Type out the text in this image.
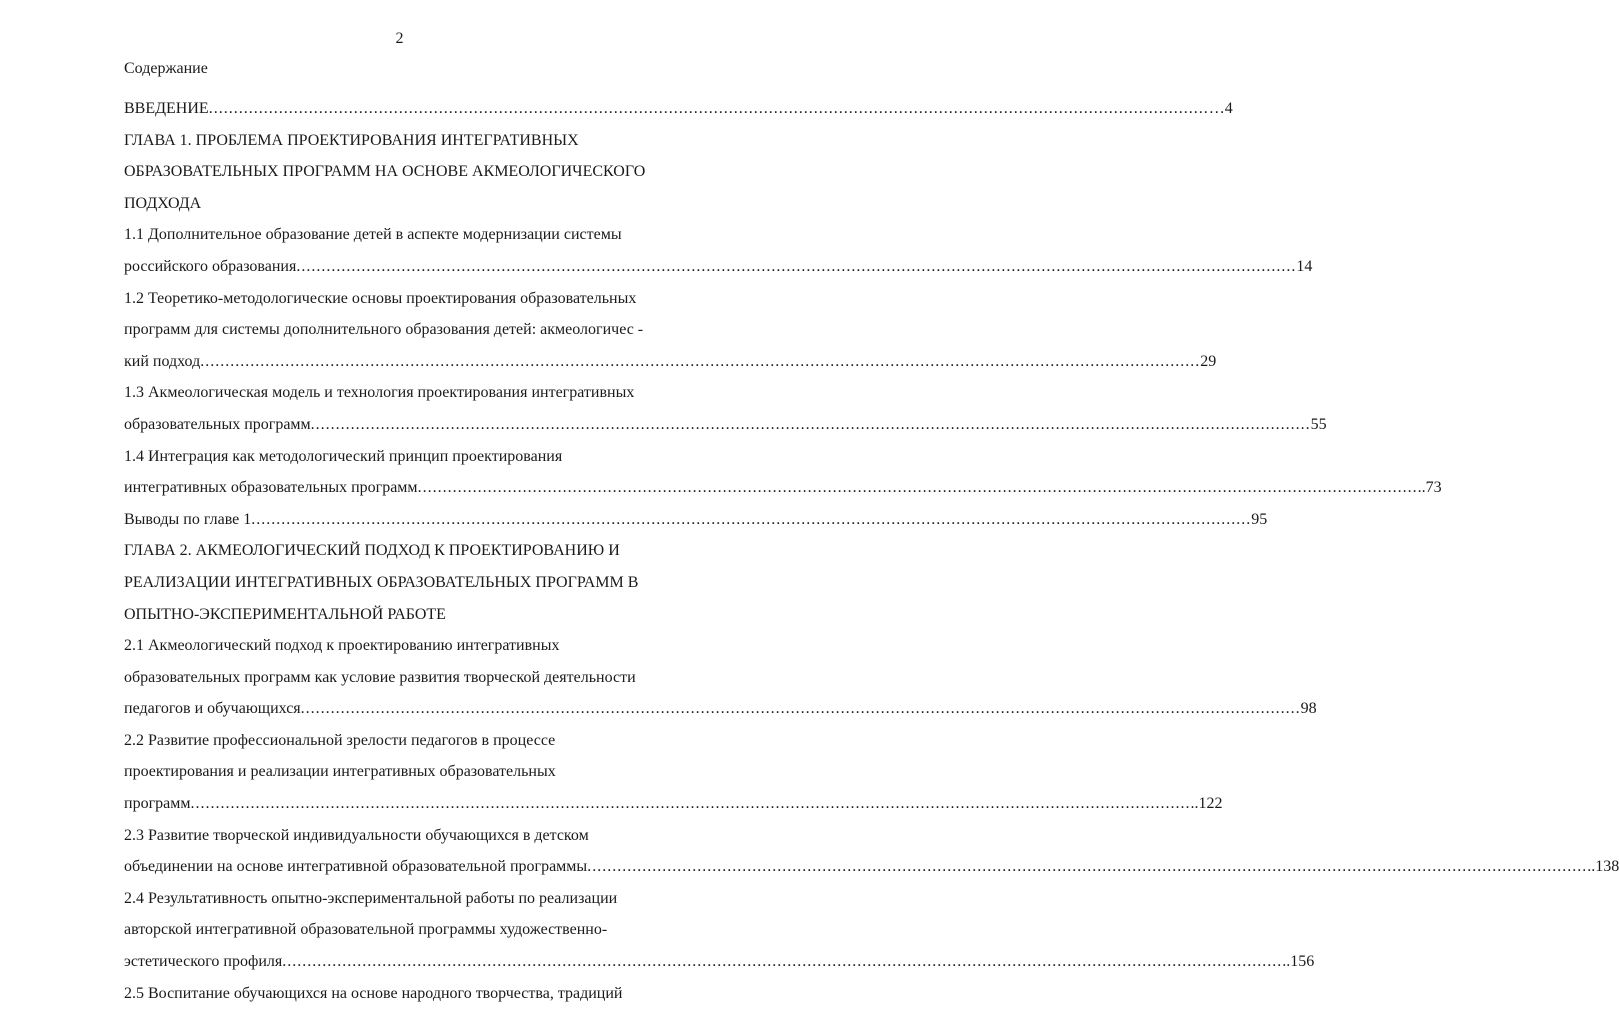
2
Содержание
ВВЕДЕНИЕ ........................................................................................................................................................................................................ …4
ГЛАВА 1. ПРОБЛЕМА ПРОЕКТИРОВАНИЯ ИНТЕГРАТИВНЫХ
ОБРАЗОВАТЕЛЬНЫХ ПРОГРАММ НА ОСНОВЕ АКМЕОЛОГИЧЕСКОГО
ПОДХОДА
1.1 Дополнительное образование детей в аспекте модернизации системы
российского образования ........................................................................................................................................................................................................ 14
1.2 Теоретико-методологические основы проектирования образовательных
программ для системы дополнительного образования детей: акмеологичес -
кий подход ........................................................................................................................................................................................................ 29
1.3 Акмеологическая модель и технология проектирования интегративных
образовательных программ ........................................................................................................................................................................................................ 55
1.4 Интеграция как методологический принцип проектирования
интегративных образовательных программ ........................................................................................................................................................................................................ ..73
Выводы по главе 1 ........................................................................................................................................................................................................ 95
ГЛАВА 2. АКМЕОЛОГИЧЕСКИЙ ПОДХОД К ПРОЕКТИРОВАНИЮ И
РЕАЛИЗАЦИИ ИНТЕГРАТИВНЫХ ОБРАЗОВАТЕЛЬНЫХ ПРОГРАММ В
ОПЫТНО-ЭКСПЕРИМЕНТАЛЬНОЙ РАБОТЕ
2.1 Акмеологический подход к проектированию интегративных
образовательных программ как условие развития творческой деятельности
педагогов и обучающихся ........................................................................................................................................................................................................ 98
2.2 Развитие профессиональной зрелости педагогов в процессе
проектирования и реализации интегративных образовательных
программ ........................................................................................................................................................................................................ ..122
2.3 Развитие творческой индивидуальности обучающихся в детском
объединении на основе интегративной образовательной программы ........................................................................................................................................................................................................ ..138
2.4 Результативность опытно-экспериментальной работы по реализации
авторской интегративной образовательной программы художественно-
эстетического профиля ........................................................................................................................................................................................................ ..156
2.5 Воспитание обучающихся на основе народного творчества, традиций
